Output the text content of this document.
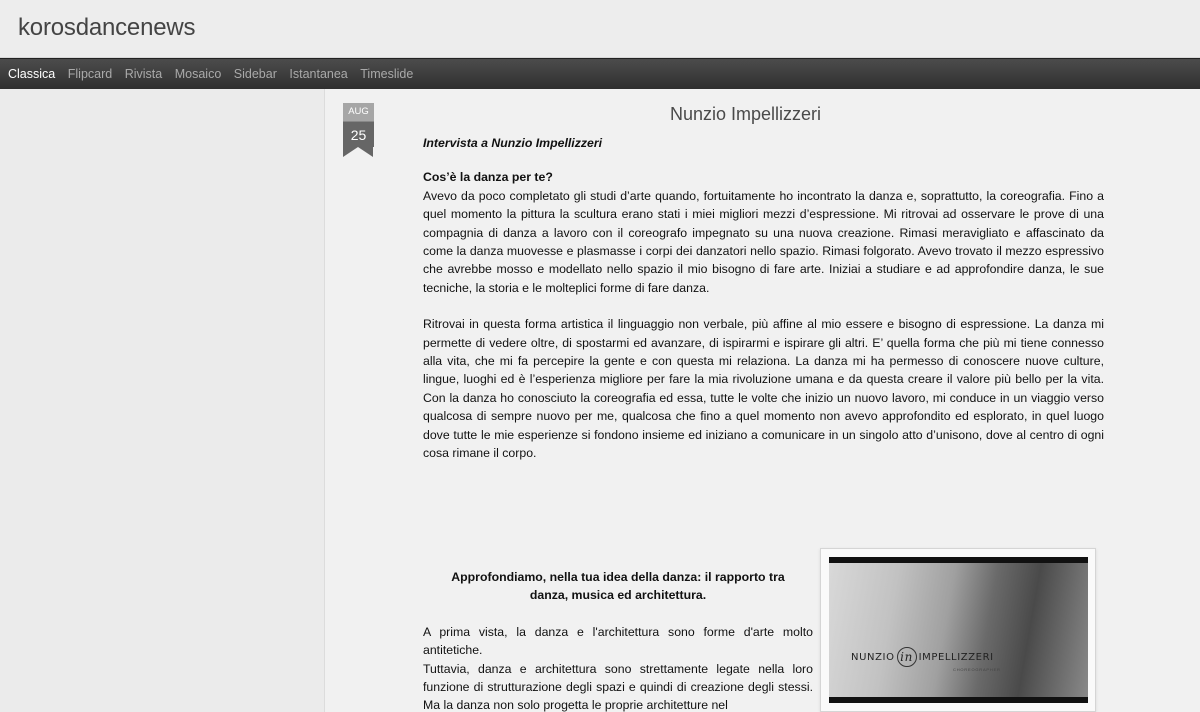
korosdancenews
Classica Flipcard Rivista Mosaico Sidebar Istantanea Timeslide
AUG
25
Nunzio Impellizzeri
Intervista a Nunzio Impellizzeri
Cos’è la danza per te?
Avevo da poco completato gli studi d’arte quando, fortuitamente ho incontrato la danza e, soprattutto, la coreografia. Fino a quel momento la pittura la scultura erano stati i miei migliori mezzi d’espressione. Mi ritrovai ad osservare le prove di una compagnia di danza a lavoro con il coreografo impegnato su una nuova creazione. Rimasi meravigliato e affascinato da come la danza muovesse e plasmasse i corpi dei danzatori nello spazio. Rimasi folgorato. Avevo trovato il mezzo espressivo che avrebbe mosso e modellato nello spazio il mio bisogno di fare arte. Iniziai a studiare e ad approfondire danza, le sue tecniche, la storia e le molteplici forme di fare danza.
Ritrovai in questa forma artistica il linguaggio non verbale, più affine al mio essere e bisogno di espressione. La danza mi permette di vedere oltre, di spostarmi ed avanzare, di ispirarmi e ispirare gli altri. E’ quella forma che più mi tiene connesso alla vita, che mi fa percepire la gente e con questa mi relaziona. La danza mi ha permesso di conoscere nuove culture, lingue, luoghi ed è l’esperienza migliore per fare la mia rivoluzione umana e da questa creare il valore più bello per la vita. Con la danza ho conosciuto la coreografia ed essa, tutte le volte che inizio un nuovo lavoro, mi conduce in un viaggio verso qualcosa di sempre nuovo per me, qualcosa che fino a quel momento non avevo approfondito ed esplorato, in quel luogo dove tutte le mie esperienze si fondono insieme ed iniziano a comunicare in un singolo atto d’unisono, dove al centro di ogni cosa rimane il corpo.
Approfondiamo, nella tua idea della danza: il rapporto tra danza, musica ed architettura.
A prima vista, la danza e l'architettura sono forme d'arte molto antitetiche.
Tuttavia, danza e architettura sono strettamente legate nella loro funzione di strutturazione degli spazi e quindi di creazione degli stessi. Ma la danza non solo progetta le proprie architetture nel
NUNZIO in IMPELLIZZERI
CHOREOGRAPHER
